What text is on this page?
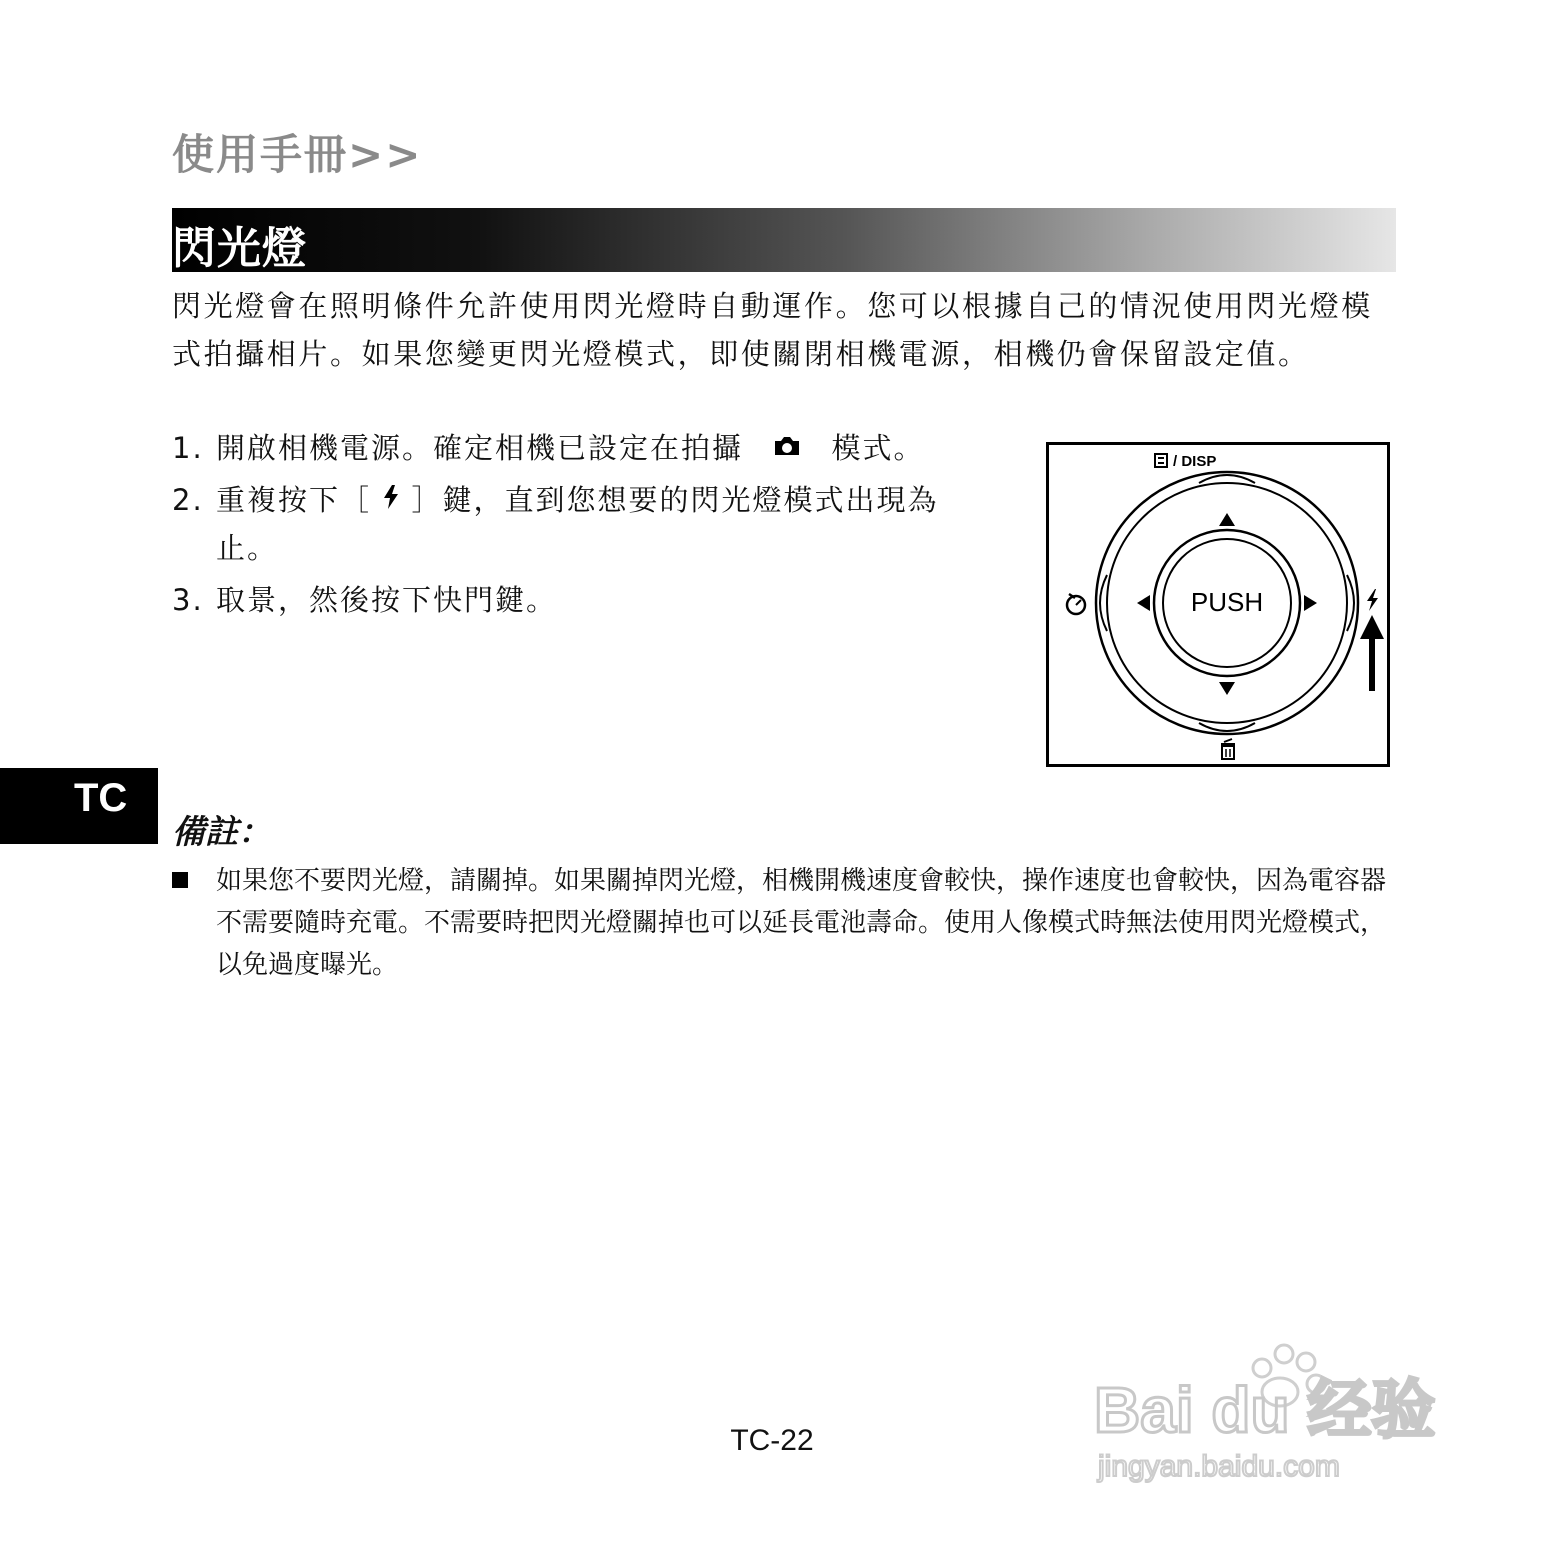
使用手冊>>
閃光燈
閃光燈會在照明條件允許使用閃光燈時自動運作。您可以根據自己的情況使用閃光燈模式拍攝相片。如果您變更閃光燈模式，即使關閉相機電源，相機仍會保留設定值。
1. 開啟相機電源。確定相機已設定在拍攝	模式。
2. 重複按下［ ］鍵，直到您想要的閃光燈模式出現為止。
3. 取景，然後按下快門鍵。
/ DISP
PUSH
TC
備註：
如果您不要閃光燈，請關掉。如果關掉閃光燈，相機開機速度會較快，操作速度也會較快，因為電容器不需要隨時充電。不需要時把閃光燈關掉也可以延長電池壽命。使用人像模式時無法使用閃光燈模式，以免過度曝光。
TC-22	Bai du 经验
jingyan.baidu.com
